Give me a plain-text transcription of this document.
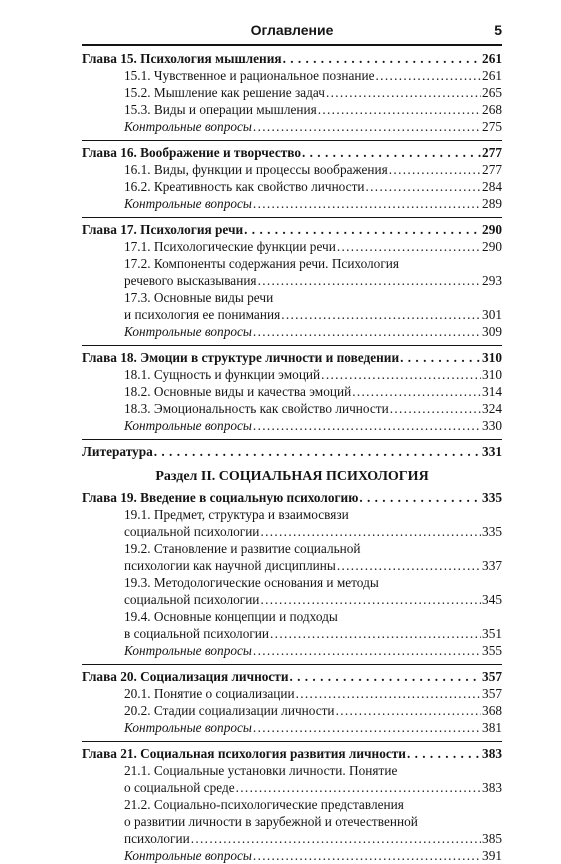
Оглавление	5
Глава 15. Психология мышления . . .	261
15.1. Чувственное и рациональное познание . . .	261
15.2. Мышление как решение задач . . .	265
15.3. Виды и операции мышления . . .	268
Контрольные вопросы . . .	275
Глава 16. Воображение и творчество . . .	277
16.1. Виды, функции и процессы воображения . . .	277
16.2. Креативность как свойство личности . . .	284
Контрольные вопросы . . .	289
Глава 17. Психология речи . . .	290
17.1. Психологические функции речи . . .	290
17.2. Компоненты содержания речи. Психология
речевого высказывания . . .	293
17.3. Основные виды речи
и психология ее понимания . . .	301
Контрольные вопросы . . .	309
Глава 18. Эмоции в структуре личности и поведении . . .	310
18.1. Сущность и функции эмоций . . .	310
18.2. Основные виды и качества эмоций . . .	314
18.3. Эмоциональность как свойство личности . . .	324
Контрольные вопросы . . .	330
Литература . . .	331
Раздел II. СОЦИАЛЬНАЯ ПСИХОЛОГИЯ
Глава 19. Введение в социальную психологию . . .	335
19.1. Предмет, структура и взаимосвязи
социальной психологии . . .	335
19.2. Становление и развитие социальной
психологии как научной дисциплины . . .	337
19.3. Методологические основания и методы
социальной психологии . . .	345
19.4. Основные концепции и подходы
в социальной психологии . . .	351
Контрольные вопросы . . .	355
Глава 20. Социализация личности . . .	357
20.1. Понятие о социализации . . .	357
20.2. Стадии социализации личности . . .	368
Контрольные вопросы . . .	381
Глава 21. Социальная психология развития личности . . .	383
21.1. Социальные установки личности. Понятие
о социальной среде . . .	383
21.2. Социально-психологические представления
о развитии личности в зарубежной и отечественной
психологии . . .	385
Контрольные вопросы . . .	391
